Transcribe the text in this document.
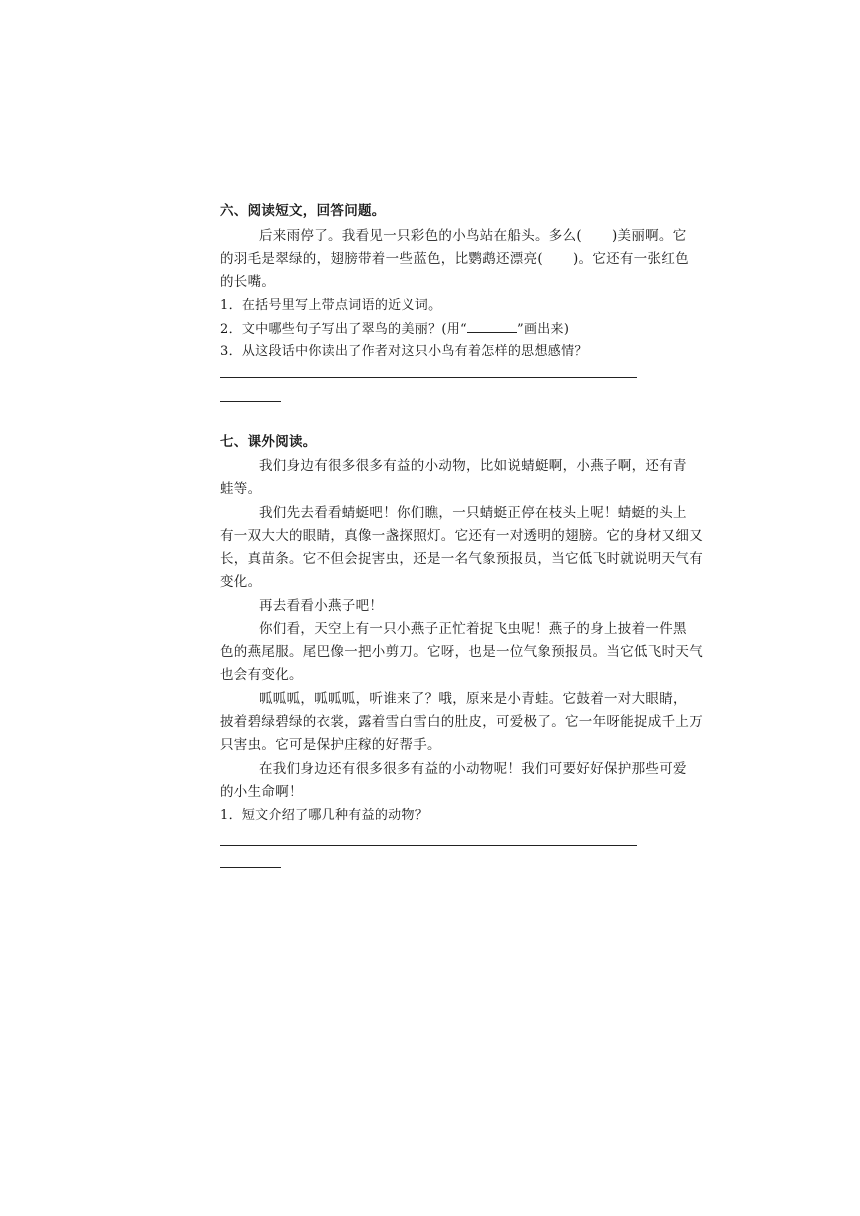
六、阅读短文，回答问题。
后来雨停了。我看见一只彩色的小鸟站在船头。多么( )美丽啊。它
的羽毛是翠绿的，翅膀带着一些蓝色，比鹦鹉还漂亮( )。它还有一张红色
的长嘴。
1．在括号里写上带点词语的近义词。
2．文中哪些句子写出了翠鸟的美丽？(用“	”画出来)
3．从这段话中你读出了作者对这只小鸟有着怎样的思想感情？
七、课外阅读。
我们身边有很多很多有益的小动物，比如说蜻蜓啊，小燕子啊，还有青
蛙等。
我们先去看看蜻蜓吧！你们瞧，一只蜻蜓正停在枝头上呢！蜻蜓的头上
有一双大大的眼睛，真像一盏探照灯。它还有一对透明的翅膀。它的身材又细又
长，真苗条。它不但会捉害虫，还是一名气象预报员，当它低飞时就说明天气有
变化。
再去看看小燕子吧！
你们看，天空上有一只小燕子正忙着捉飞虫呢！燕子的身上披着一件黑
色的燕尾服。尾巴像一把小剪刀。它呀，也是一位气象预报员。当它低飞时天气
也会有变化。
呱呱呱，呱呱呱，听谁来了？哦，原来是小青蛙。它鼓着一对大眼睛，
披着碧绿碧绿的衣裳，露着雪白雪白的肚皮，可爱极了。它一年呀能捉成千上万
只害虫。它可是保护庄稼的好帮手。
在我们身边还有很多很多有益的小动物呢！我们可要好好保护那些可爱
的小生命啊！
1．短文介绍了哪几种有益的动物？
